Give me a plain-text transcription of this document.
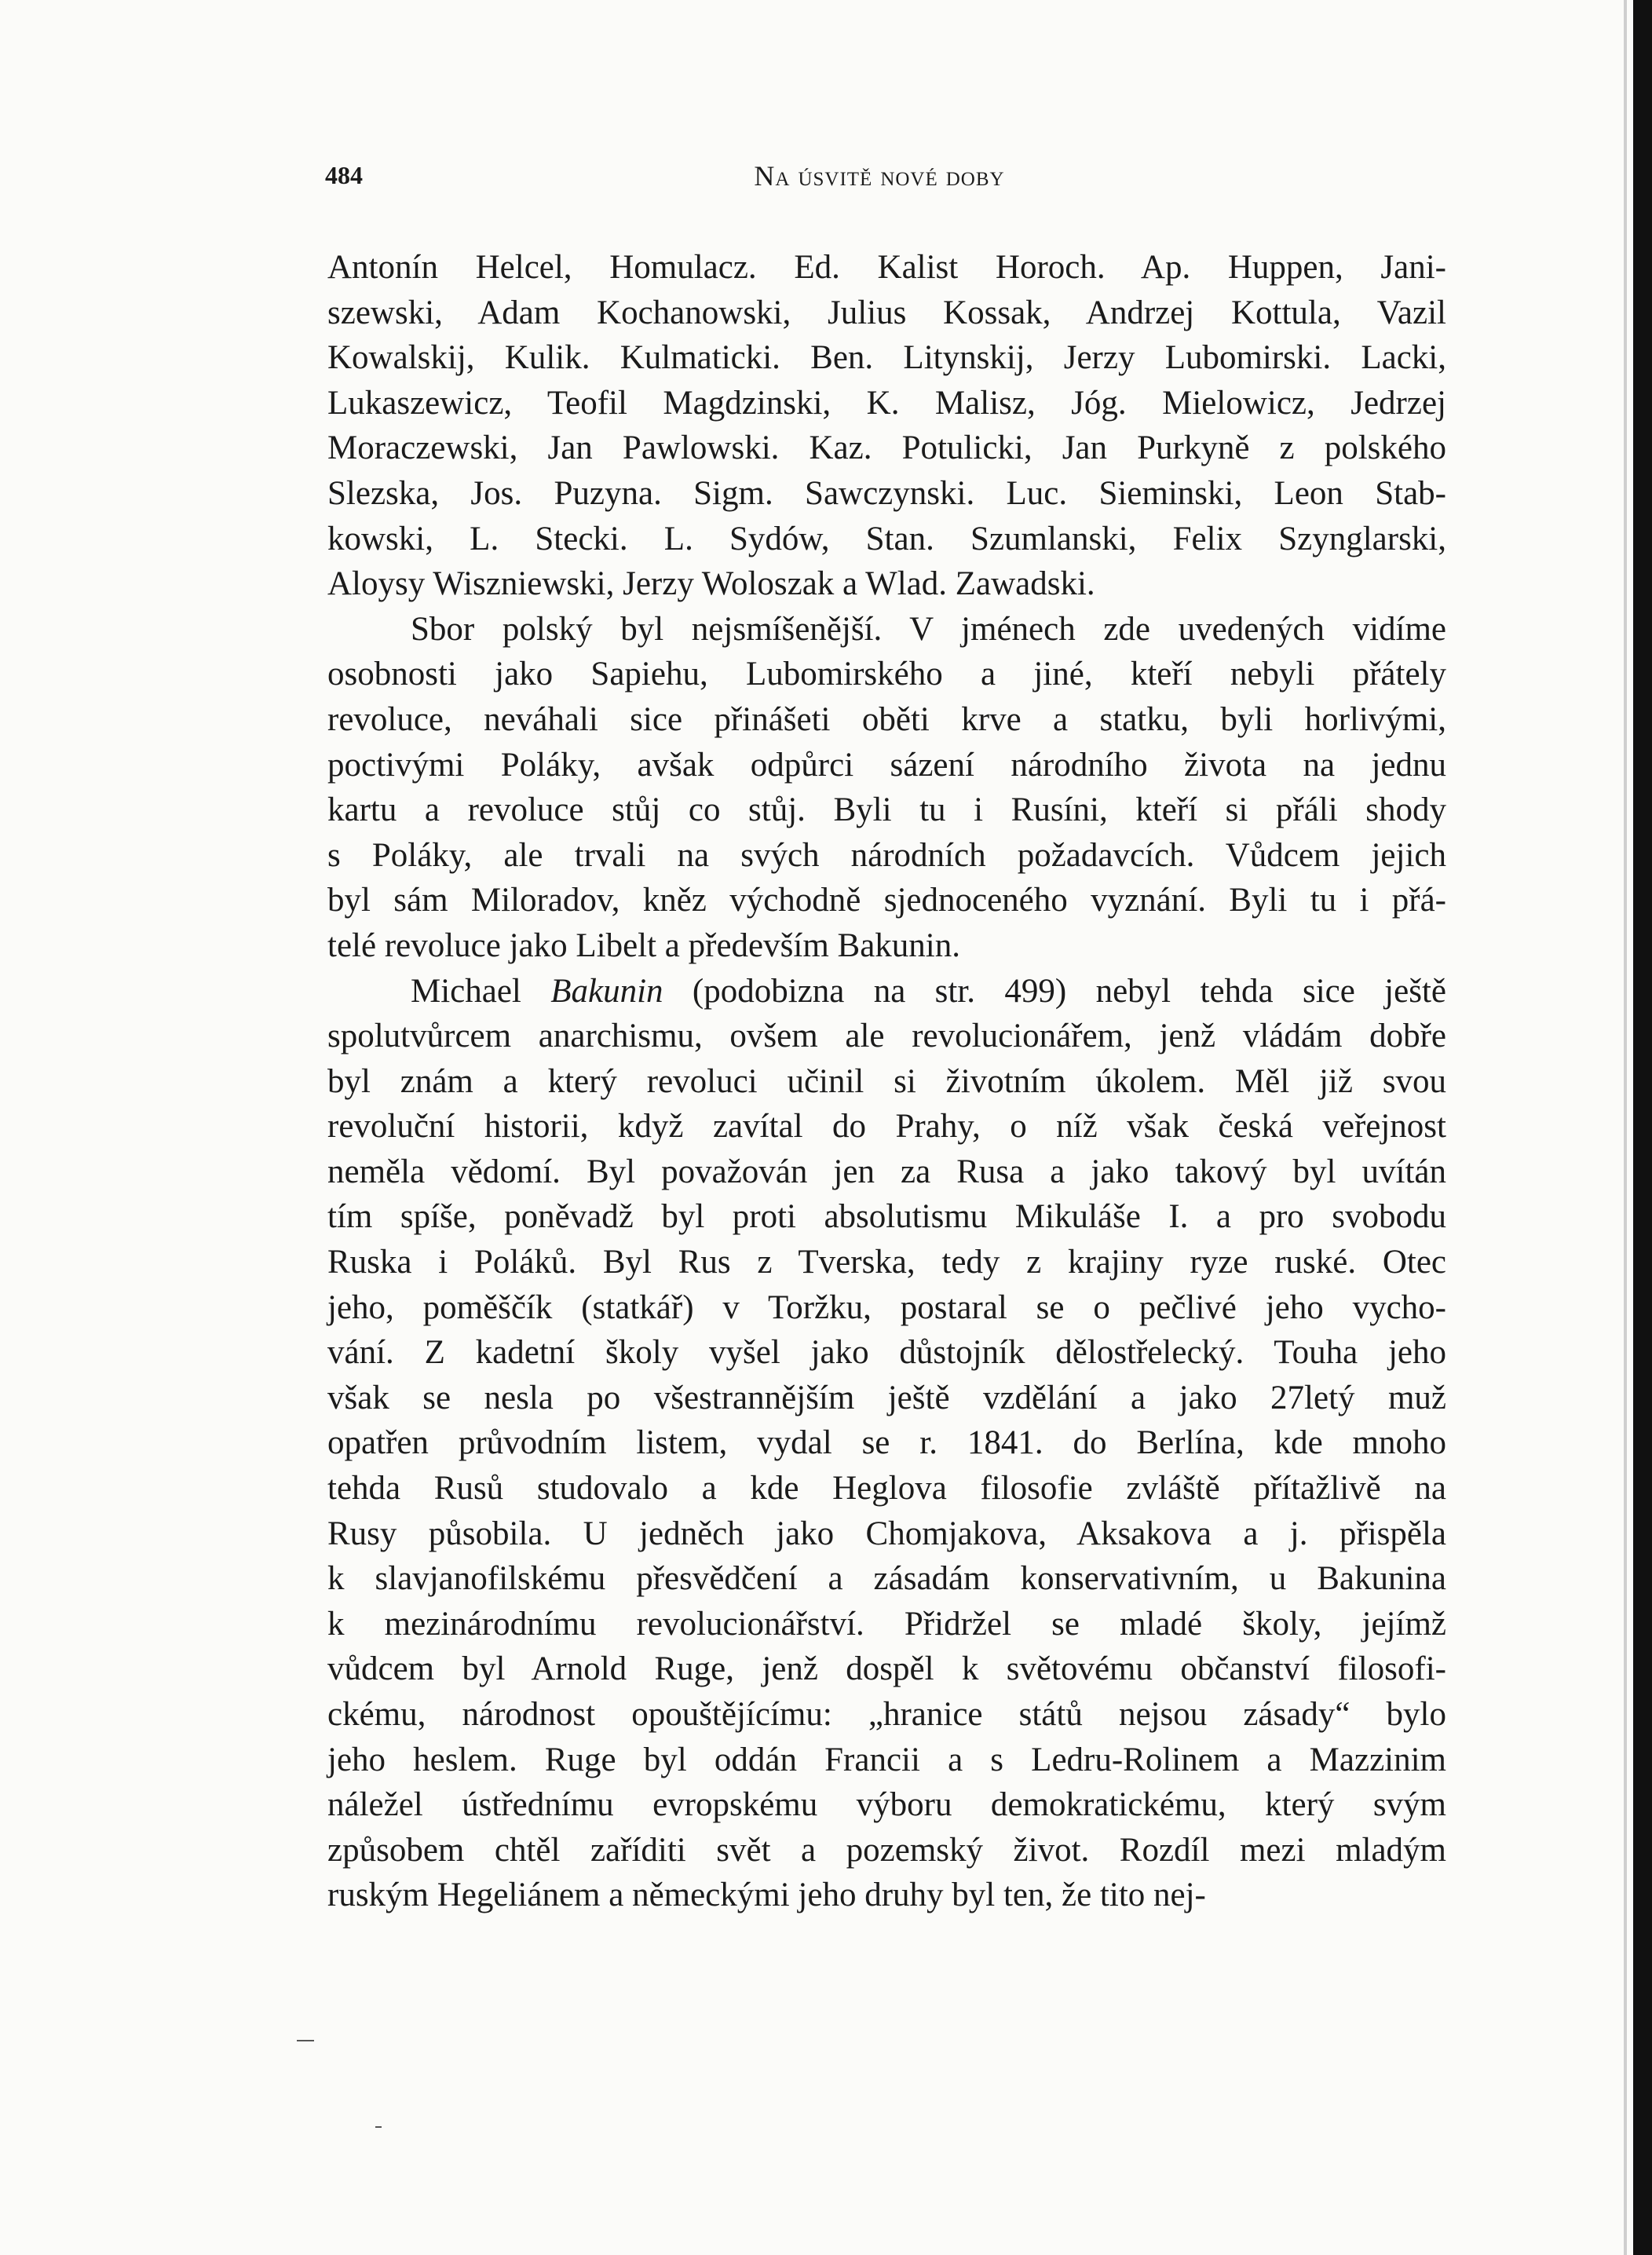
484	Na úsvitě nové doby
Antonín Helcel, Homulacz. Ed. Kalist Horoch. Ap. Huppen, Jani-
szewski, Adam Kochanowski, Julius Kossak, Andrzej Kottula, Vazil
Kowalskij, Kulik. Kulmaticki. Ben. Litynskij, Jerzy Lubomirski. Lacki,
Lukaszewicz, Teofil Magdzinski, K. Malisz, Jóg. Mielowicz, Jedrzej
Moraczewski, Jan Pawlowski. Kaz. Potulicki, Jan Purkyně z polského
Slezska, Jos. Puzyna. Sigm. Sawczynski. Luc. Sieminski, Leon Stab-
kowski, L. Stecki. L. Sydów, Stan. Szumlanski, Felix Szynglarski,
Aloysy Wiszniewski, Jerzy Woloszak a Wlad. Zawadski.
Sbor polský byl nejsmíšenější. V jménech zde uvedených vidíme
osobnosti jako Sapiehu, Lubomirského a jiné, kteří nebyli přátely
revoluce, neváhali sice přinášeti oběti krve a statku, byli horlivými,
poctivými Poláky, avšak odpůrci sázení národního života na jednu
kartu a revoluce stůj co stůj. Byli tu i Rusíni, kteří si přáli shody
s Poláky, ale trvali na svých národních požadavcích. Vůdcem jejich
byl sám Miloradov, kněz východně sjednoceného vyznání. Byli tu i přá-
telé revoluce jako Libelt a především Bakunin.
Michael Bakunin (podobizna na str. 499) nebyl tehda sice ještě
spolutvůrcem anarchismu, ovšem ale revolucionářem, jenž vládám dobře
byl znám a který revoluci učinil si životním úkolem. Měl již svou
revoluční historii, když zavítal do Prahy, o níž však česká veřejnost
neměla vědomí. Byl považován jen za Rusa a jako takový byl uvítán
tím spíše, poněvadž byl proti absolutismu Mikuláše I. a pro svobodu
Ruska i Poláků. Byl Rus z Tverska, tedy z krajiny ryze ruské. Otec
jeho, poměščík (statkář) v Toržku, postaral se o pečlivé jeho vycho-
vání. Z kadetní školy vyšel jako důstojník dělostřelecký. Touha jeho
však se nesla po všestrannějším ještě vzdělání a jako 27letý muž
opatřen průvodním listem, vydal se r. 1841. do Berlína, kde mnoho
tehda Rusů studovalo a kde Heglova filosofie zvláště přítažlivě na
Rusy působila. U jedněch jako Chomjakova, Aksakova a j. přispěla
k slavjanofilskému přesvědčení a zásadám konservativním, u Bakunina
k mezinárodnímu revolucionářství. Přidržel se mladé školy, jejímž
vůdcem byl Arnold Ruge, jenž dospěl k světovému občanství filosofi-
ckému, národnost opouštějícímu: „hranice států nejsou zásady“ bylo
jeho heslem. Ruge byl oddán Francii a s Ledru-Rolinem a Mazzinim
náležel ústřednímu evropskému výboru demokratickému, který svým
způsobem chtěl zaříditi svět a pozemský život. Rozdíl mezi mladým
ruským Hegeliánem a německými jeho druhy byl ten, že tito nej-
